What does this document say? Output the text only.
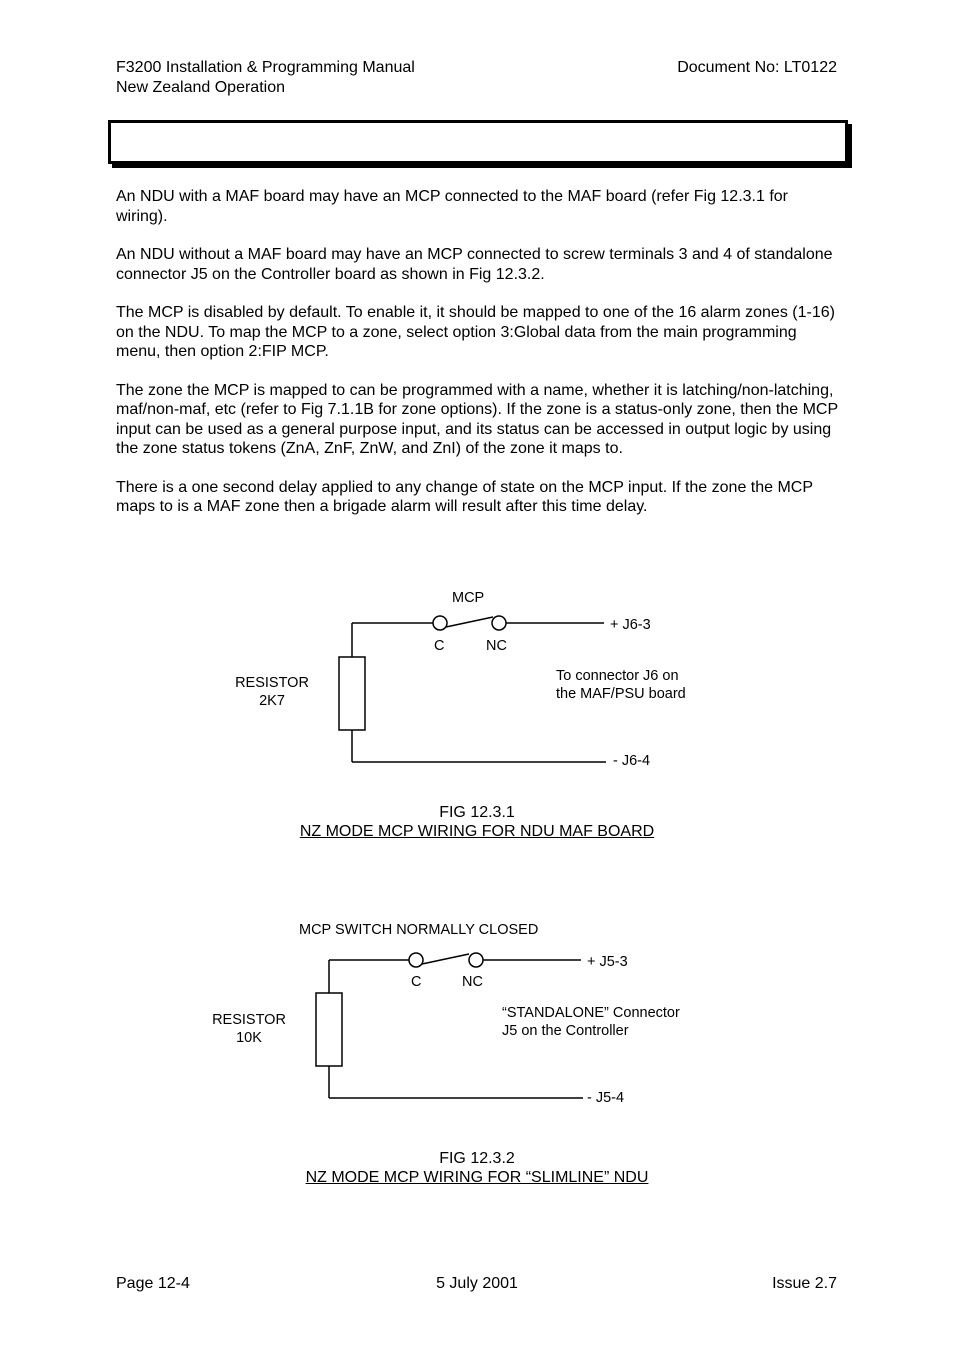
F3200 Installation & Programming Manual
New Zealand Operation
Document No: LT0122

An NDU with a MAF board may have an MCP connected to the MAF board (refer Fig 12.3.1 for wiring).

An NDU without a MAF board may have an MCP connected to screw terminals 3 and 4 of standalone connector J5 on the Controller board as shown in Fig 12.3.2.

The MCP is disabled by default. To enable it, it should be mapped to one of the 16 alarm zones (1-16) on the NDU. To map the MCP to a zone, select option 3:Global data from the main programming menu, then option 2:FIP MCP.

The zone the MCP is mapped to can be programmed with a name, whether it is latching/non-latching, maf/non-maf, etc (refer to Fig 7.1.1B for zone options). If the zone is a status-only zone, then the MCP input can be used as a general purpose input, and its status can be accessed in output logic by using the zone status tokens (ZnA, ZnF, ZnW, and ZnI) of the zone it maps to.

There is a one second delay applied to any change of state on the MCP input. If the zone the MCP maps to is a MAF zone then a brigade alarm will result after this time delay.

MCP
C	NC
+ J6-3
- J6-4
RESISTOR
2K7
To connector J6 on
the MAF/PSU board
FIG 12.3.1
NZ MODE MCP WIRING FOR NDU MAF BOARD
MCP SWITCH NORMALLY CLOSED
C	NC
+ J5-3
- J5-4
RESISTOR
10K
“STANDALONE” Connector
J5 on the Controller
FIG 12.3.2
NZ MODE MCP WIRING FOR “SLIMLINE” NDU
Page 12-4	5 July 2001	Issue 2.7
